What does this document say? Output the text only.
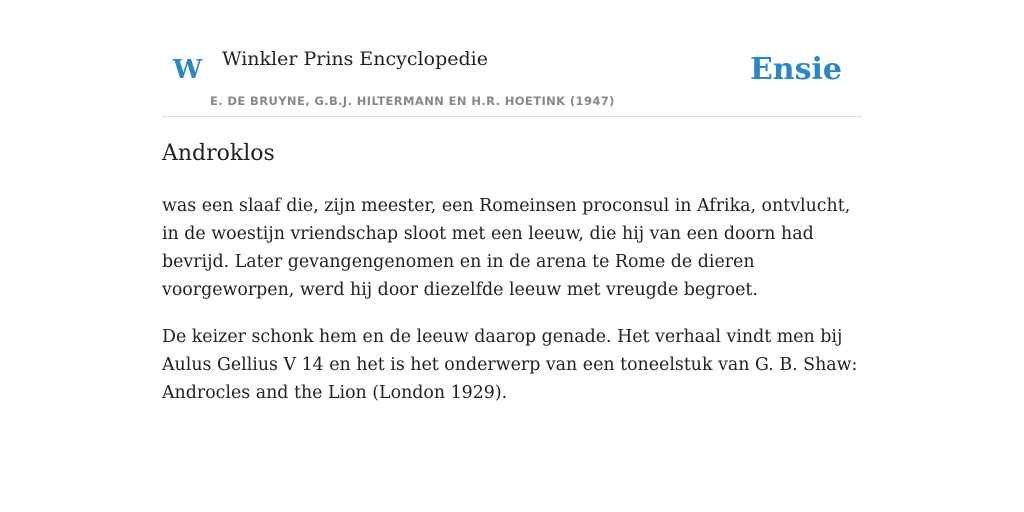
W Winkler Prins Encyclopedie
E. DE BRUYNE, G.B.J. HILTERMANN EN H.R. HOETINK (1947)
Ensie
Androklos

was een slaaf die, zijn meester, een Romeinsen proconsul in Afrika, ontvlucht, in de woestijn vriendschap sloot met een leeuw, die hij van een doorn had bevrijd. Later gevangengenomen en in de arena te Rome de dieren voorgeworpen, werd hij door diezelfde leeuw met vreugde begroet.

De keizer schonk hem en de leeuw daarop genade. Het verhaal vindt men bij Aulus Gellius V 14 en het is het onderwerp van een toneelstuk van G. B. Shaw: Androcles and the Lion (London 1929).
